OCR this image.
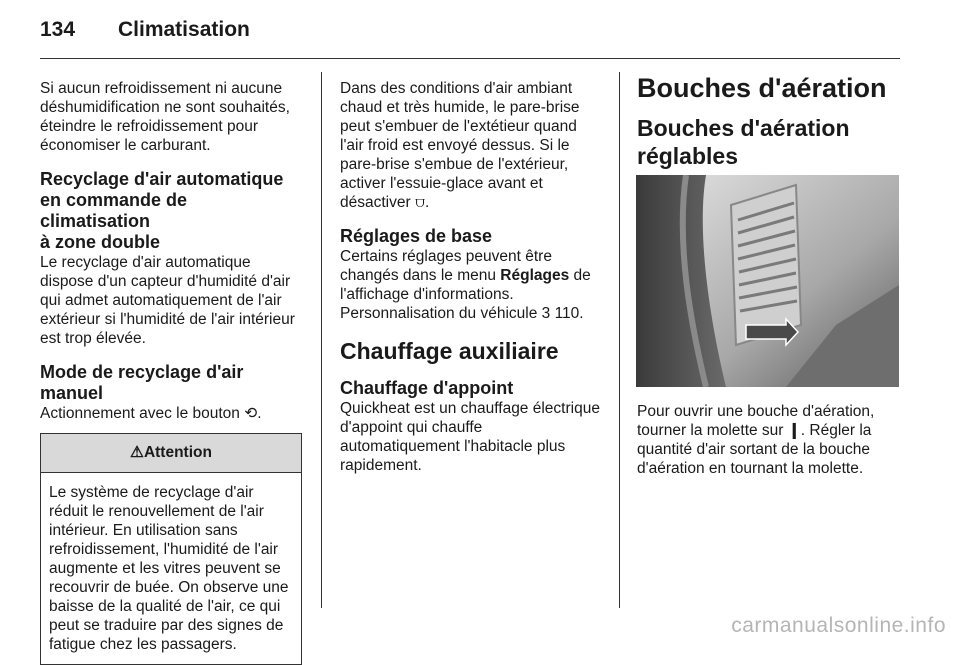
134 Climatisation

Si aucun refroidissement ni aucune déshumidification ne sont souhaités, éteindre le refroidissement pour économiser le carburant.

Recyclage d'air automatique en commande de climatisation
à zone double

Le recyclage d'air automatique dispose d'un capteur d'humidité d'air qui admet automatiquement de l'air extérieur si l'humidité de l'air intérieur est trop élevée.

Mode de recyclage d'air manuel

Actionnement avec le bouton ⟲.

⚠Attention
Le système de recyclage d'air réduit le renouvellement de l'air intérieur. En utilisation sans refroidissement, l'humidité de l'air augmente et les vitres peuvent se recouvrir de buée. On observe une baisse de la qualité de l'air, ce qui peut se traduire par des signes de fatigue chez les passagers.

Dans des conditions d'air ambiant chaud et très humide, le pare-brise peut s'embuer de l'extétieur quand l'air froid est envoyé dessus. Si le pare-brise s'embue de l'extérieur, activer l'essuie-glace avant et désactiver ⩌.

Réglages de base

Certains réglages peuvent être changés dans le menu Réglages de l'affichage d'informations. Personnalisation du véhicule 3 110.

Chauffage auxiliaire
Chauffage d'appoint

Quickheat est un chauffage électrique d'appoint qui chauffe automatiquement l'habitacle plus rapidement.

Bouches d'aération
Bouches d'aération réglables
Pour ouvrir une bouche d'aération, tourner la molette sur ❙. Régler la quantité d'air sortant de la bouche d'aération en tournant la molette.
carmanualsonline.info
